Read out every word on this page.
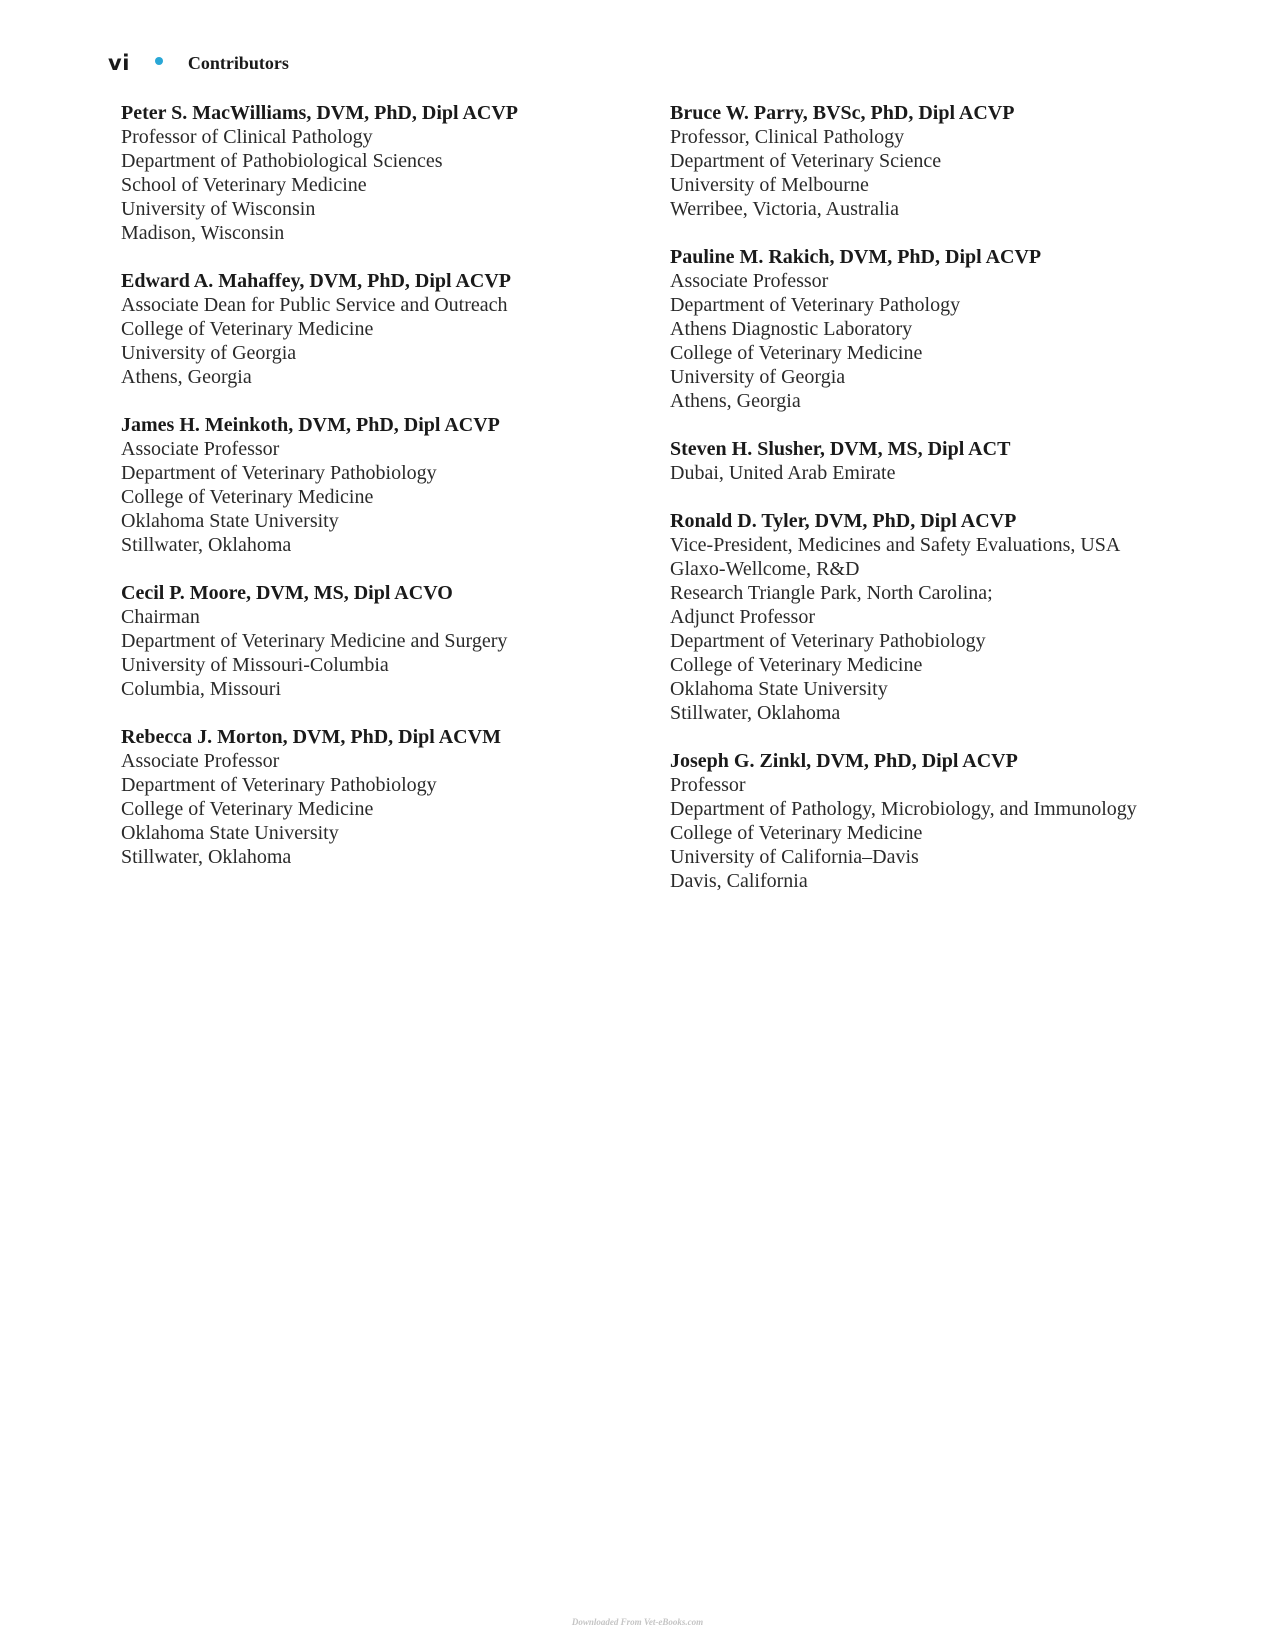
vi	Contributors
Peter S. MacWilliams, DVM, PhD, Dipl ACVP
Professor of Clinical Pathology
Department of Pathobiological Sciences
School of Veterinary Medicine
University of Wisconsin
Madison, Wisconsin
Edward A. Mahaffey, DVM, PhD, Dipl ACVP
Associate Dean for Public Service and Outreach
College of Veterinary Medicine
University of Georgia
Athens, Georgia
James H. Meinkoth, DVM, PhD, Dipl ACVP
Associate Professor
Department of Veterinary Pathobiology
College of Veterinary Medicine
Oklahoma State University
Stillwater, Oklahoma
Cecil P. Moore, DVM, MS, Dipl ACVO
Chairman
Department of Veterinary Medicine and Surgery
University of Missouri-Columbia
Columbia, Missouri
Rebecca J. Morton, DVM, PhD, Dipl ACVM
Associate Professor
Department of Veterinary Pathobiology
College of Veterinary Medicine
Oklahoma State University
Stillwater, Oklahoma
Bruce W. Parry, BVSc, PhD, Dipl ACVP
Professor, Clinical Pathology
Department of Veterinary Science
University of Melbourne
Werribee, Victoria, Australia
Pauline M. Rakich, DVM, PhD, Dipl ACVP
Associate Professor
Department of Veterinary Pathology
Athens Diagnostic Laboratory
College of Veterinary Medicine
University of Georgia
Athens, Georgia
Steven H. Slusher, DVM, MS, Dipl ACT
Dubai, United Arab Emirate
Ronald D. Tyler, DVM, PhD, Dipl ACVP
Vice-President, Medicines and Safety Evaluations, USA
Glaxo-Wellcome, R&D
Research Triangle Park, North Carolina;
Adjunct Professor
Department of Veterinary Pathobiology
College of Veterinary Medicine
Oklahoma State University
Stillwater, Oklahoma
Joseph G. Zinkl, DVM, PhD, Dipl ACVP
Professor
Department of Pathology, Microbiology, and Immunology
College of Veterinary Medicine
University of California–Davis
Davis, California
Downloaded From Vet-eBooks.com
